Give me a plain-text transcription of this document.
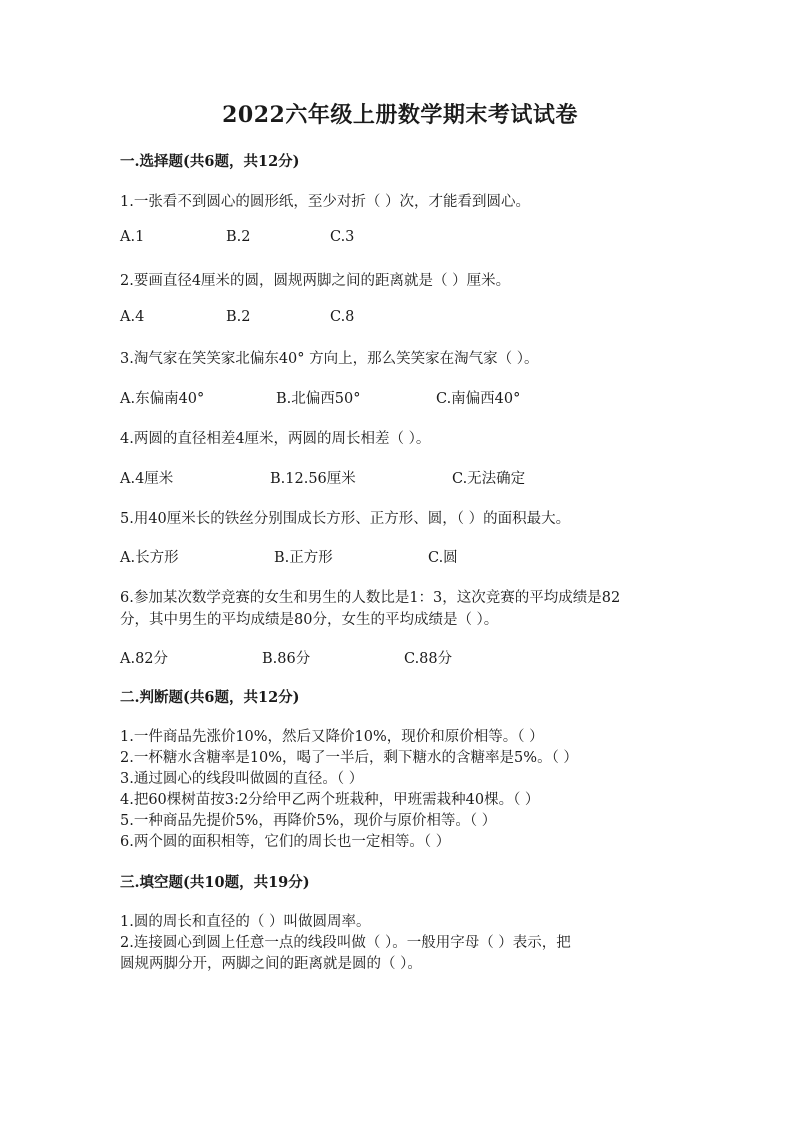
2022六年级上册数学期末考试试卷
一.选择题(共6题，共12分)
1.一张看不到圆心的圆形纸，至少对折（ ）次，才能看到圆心。
A.1	B.2	C.3
2.要画直径4厘米的圆，圆规两脚之间的距离就是（ ）厘米。
A.4	B.2	C.8
3.淘气家在笑笑家北偏东40° 方向上，那么笑笑家在淘气家（ ）。
A.东偏南40°	B.北偏西50°	C.南偏西40°
4.两圆的直径相差4厘米，两圆的周长相差（ ）。
A.4厘米	B.12.56厘米	C.无法确定
5.用40厘米长的铁丝分别围成长方形、正方形、圆，（ ）的面积最大。
A.长方形	B.正方形	C.圆
6.参加某次数学竞赛的女生和男生的人数比是1：3，这次竞赛的平均成绩是82
分，其中男生的平均成绩是80分，女生的平均成绩是（ ）。
A.82分	B.86分	C.88分
二.判断题(共6题，共12分)
1.一件商品先涨价10%，然后又降价10%，现价和原价相等。（ ）
2.一杯糖水含糖率是10%，喝了一半后，剩下糖水的含糖率是5%。（ ）
3.通过圆心的线段叫做圆的直径。（ ）
4.把60棵树苗按3:2分给甲乙两个班栽种，甲班需栽种40棵。（ ）
5.一种商品先提价5%，再降价5%，现价与原价相等。（ ）
6.两个圆的面积相等，它们的周长也一定相等。（ ）
三.填空题(共10题，共19分)
1.圆的周长和直径的（ ）叫做圆周率。
2.连接圆心到圆上任意一点的线段叫做（ ）。一般用字母（ ）表示，把
圆规两脚分开，两脚之间的距离就是圆的（ ）。
